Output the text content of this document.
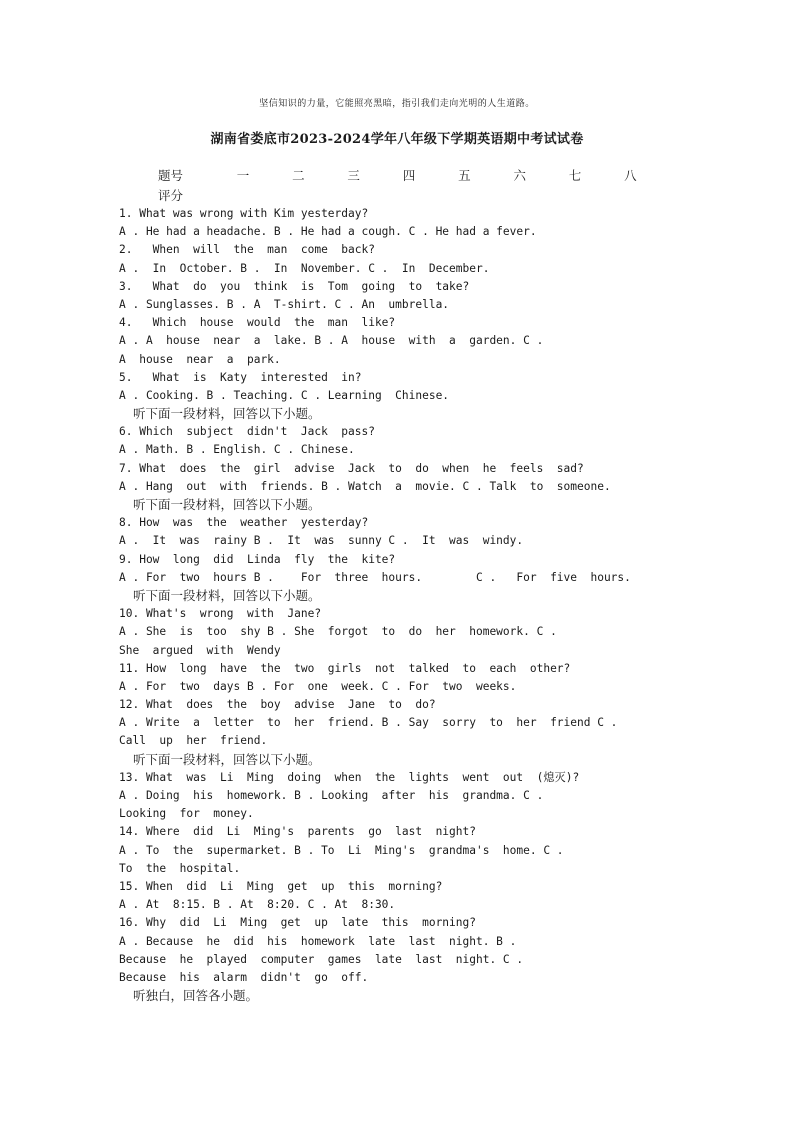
坚信知识的力量，它能照亮黑暗，指引我们走向光明的人生道路。
湖南省娄底市2023-2024学年八年级下学期英语期中考试试卷
题号	一	二	三	四	五	六	七	八
评分
1. What was wrong with Kim yesterday?
A . He had a headache. B . He had a cough. C . He had a fever.
2.   When  will  the  man  come  back?
A .  In  October. B .  In  November. C .  In  December.
3.   What  do  you  think  is  Tom  going  to  take?
A . Sunglasses. B . A  T-shirt. C . An  umbrella.
4.   Which  house  would  the  man  like?
A . A  house  near  a  lake. B . A  house  with  a  garden. C .
A  house  near  a  park.
5.   What  is  Katy  interested  in?
A . Cooking. B . Teaching. C . Learning  Chinese.
听下面一段材料，回答以下小题。
6. Which  subject  didn't  Jack  pass?
A . Math. B . English. C . Chinese.
7. What  does  the  girl  advise  Jack  to  do  when  he  feels  sad?
A . Hang  out  with  friends. B . Watch  a  movie. C . Talk  to  someone.
听下面一段材料，回答以下小题。
8. How  was  the  weather  yesterday?
A .  It  was  rainy B .  It  was  sunny C .  It  was  windy.
9. How  long  did  Linda  fly  the  kite?
A . For  two  hours B .    For  three  hours.        C .   For  five  hours.
听下面一段材料，回答以下小题。
10. What's  wrong  with  Jane?
A . She  is  too  shy B . She  forgot  to  do  her  homework. C .
She  argued  with  Wendy
11. How  long  have  the  two  girls  not  talked  to  each  other?
A . For  two  days B . For  one  week. C . For  two  weeks.
12. What  does  the  boy  advise  Jane  to  do?
A . Write  a  letter  to  her  friend. B . Say  sorry  to  her  friend C .
Call  up  her  friend.
听下面一段材料，回答以下小题。
13. What  was  Li  Ming  doing  when  the  lights  went  out  (熄灭)?
A . Doing  his  homework. B . Looking  after  his  grandma. C .
Looking  for  money.
14. Where  did  Li  Ming's  parents  go  last  night?
A . To  the  supermarket. B . To  Li  Ming's  grandma's  home. C .
To  the  hospital.
15. When  did  Li  Ming  get  up  this  morning?
A . At  8:15. B . At  8:20. C . At  8:30.
16. Why  did  Li  Ming  get  up  late  this  morning?
A . Because  he  did  his  homework  late  last  night. B .
Because  he  played  computer  games  late  last  night. C .
Because  his  alarm  didn't  go  off.
听独白，回答各小题。
